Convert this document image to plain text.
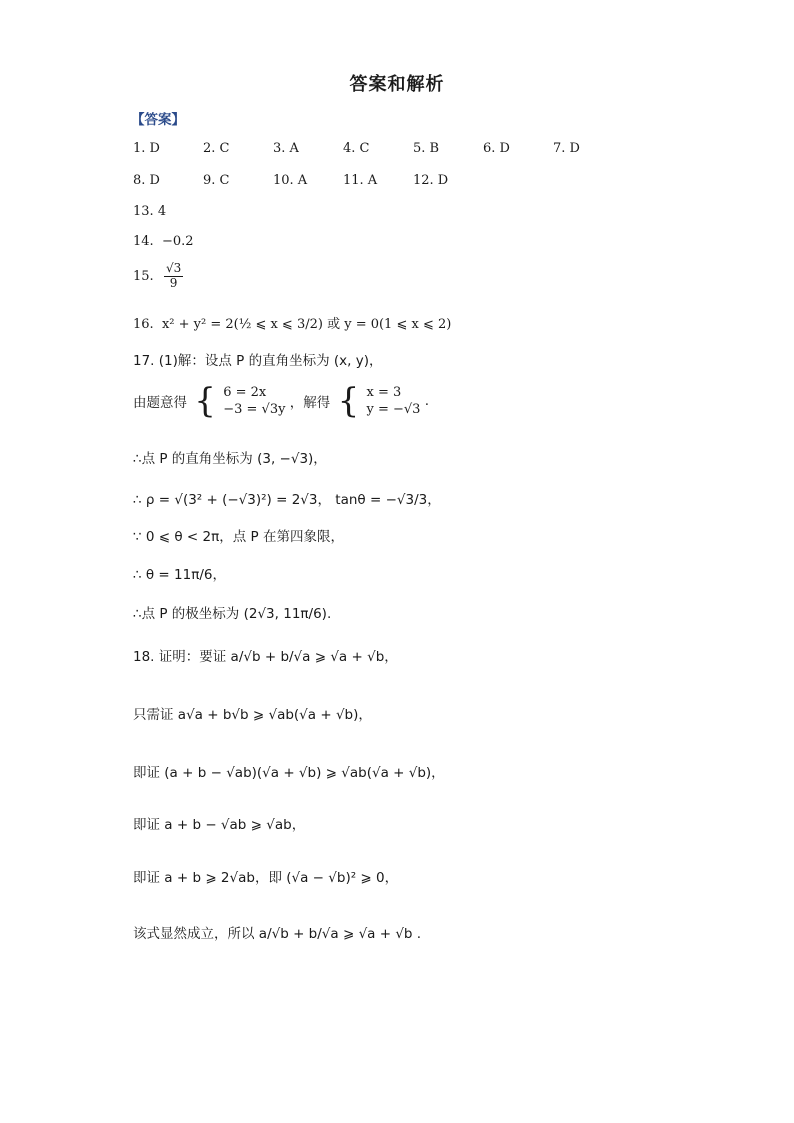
答案和解析
【答案】
1. D	2. C	3. A	4. C	5. B	6. D	7. D
8. D	9. C	10. A	11. A	12. D
13. 4
14. −0.2
15. $\frac{√3}{9}$
16. x² + y² = 2(½ ⩽ x ⩽ 3/2) 或 y = 0(1 ⩽ x ⩽ 2)
17. (1)解：设点 P 的直角坐标为 (x, y)，
由题意得 { 6 = 2x
−3 = √3y ，解得 { x = 3
y = −√3
.
∴点 P 的直角坐标为 (3, −√3)，
∴ ρ = √(3² + (−√3)²) = 2√3， tanθ = −√3/3，
∵ 0 ⩽ θ < 2π，点 P 在第四象限，
∴ θ = 11π/6，
∴点 P 的极坐标为 (2√3, 11π/6).
18. 证明：要证 a/√b + b/√a ⩾ √a + √b，
只需证 a√a + b√b ⩾ √ab(√a + √b)，
即证 (a + b − √ab)(√a + √b) ⩾ √ab(√a + √b)，
即证 a + b − √ab ⩾ √ab，
即证 a + b ⩾ 2√ab，即 (√a − √b)² ⩾ 0，
该式显然成立，所以 a/√b + b/√a ⩾ √a + √b .
